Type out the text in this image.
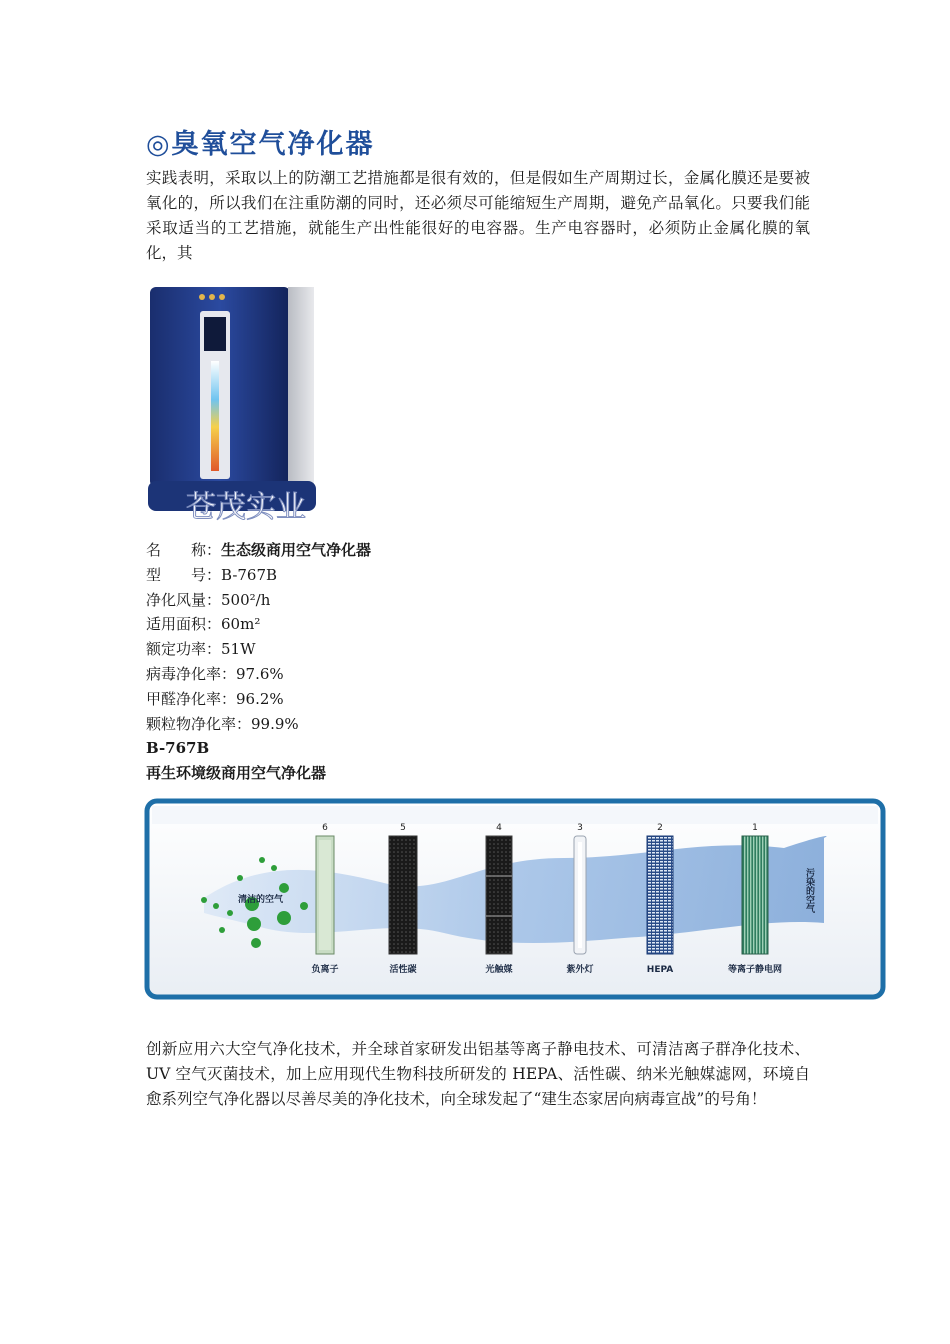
◎臭氧空气净化器
实践表明，采取以上的防潮工艺措施都是很有效的，但是假如生产周期过长，金属化膜还是要被氧化的，所以我们在注重防潮的同时，还必须尽可能缩短生产周期，避免产品氧化。只要我们能采取适当的工艺措施，就能生产出性能很好的电容器。生产电容器时，必须防止金属化膜的氧化，其
苍茂实业
名　　称：生态级商用空气净化器
型　　号：B-767B
净化风量：500²/h
适用面积：60m²
额定功率：51W
病毒净化率：97.6%
甲醛净化率：96.2%
颗粒物净化率：99.9%
B-767B
再生环境级商用空气净化器
清洁的空气	污染的空气
6	5	4	3	2	1
负离子	活性碳	光触媒	紫外灯	HEPA	等离子静电网
创新应用六大空气净化技术，并全球首家研发出铝基等离子静电技术、可清洁离子群净化技术、UV 空气灭菌技术，加上应用现代生物科技所研发的 HEPA、活性碳、纳米光触媒滤网，环境自愈系列空气净化器以尽善尽美的净化技术，向全球发起了“建生态家居向病毒宣战”的号角！
